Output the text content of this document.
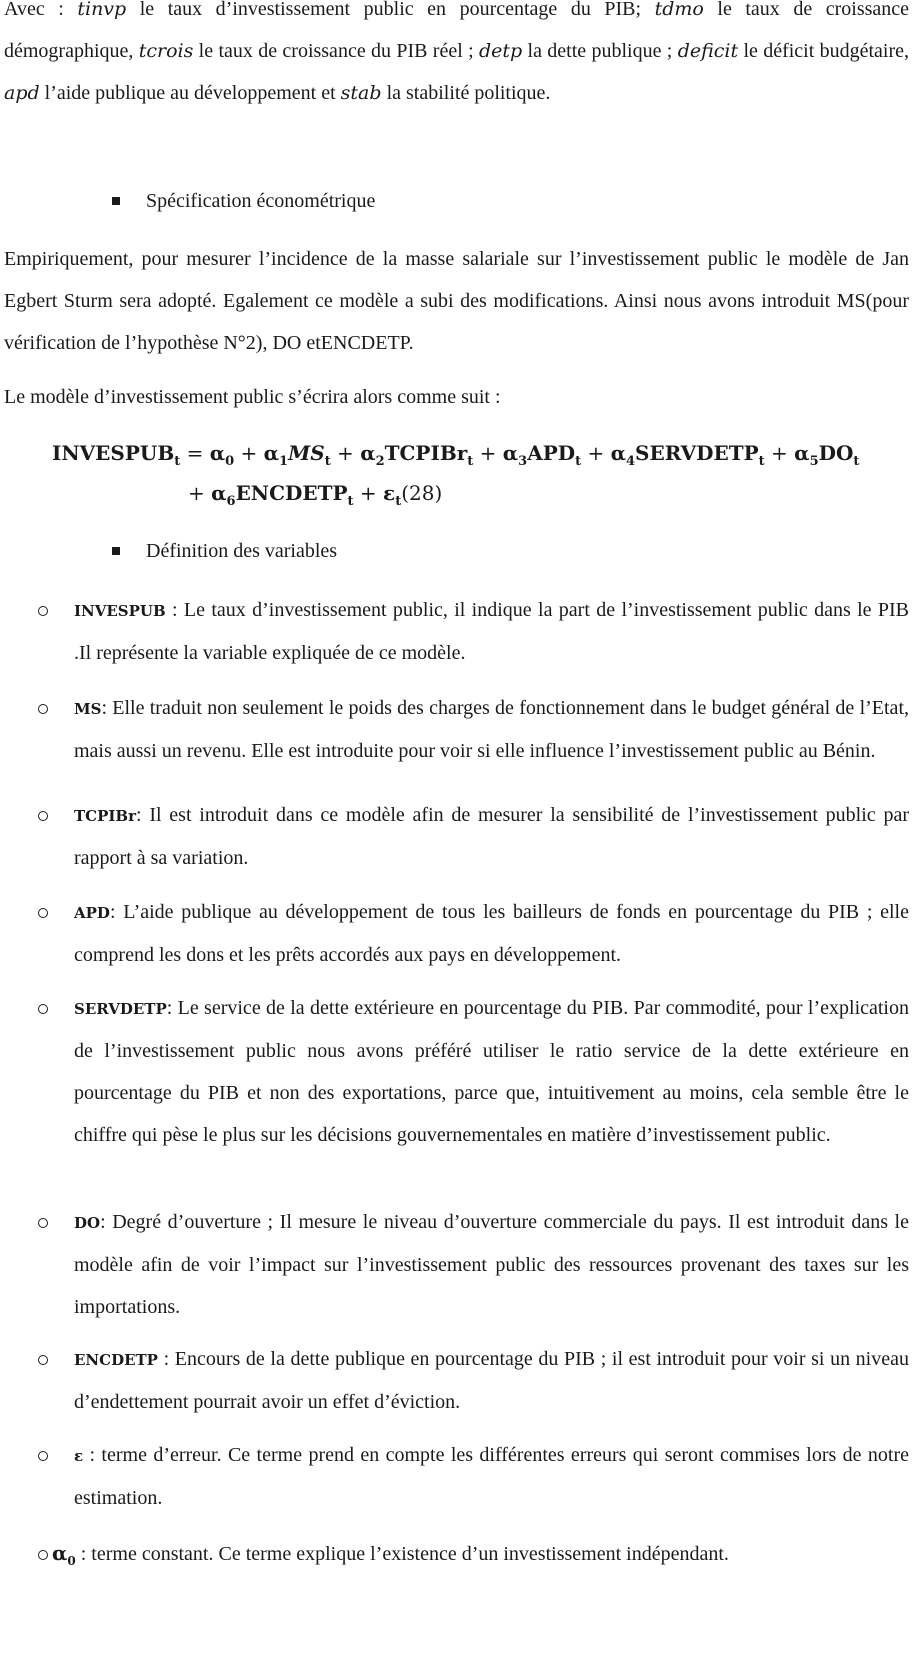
Avec : tinvp le taux d’investissement public en pourcentage du PIB; tdmo le taux de croissance démographique, tcrois le taux de croissance du PIB réel ; detp la dette publique ; deficit le déficit budgétaire, apd l’aide publique au développement et stab la stabilité politique.

Spécification économétrique

Empiriquement, pour mesurer l’incidence de la masse salariale sur l’investissement public le modèle de Jan Egbert Sturm sera adopté. Egalement ce modèle a subi des modifications. Ainsi nous avons introduit MS(pour vérification de l’hypothèse N°2), DO etENCDETP.

Le modèle d’investissement public s’écrira alors comme suit :

$INVESPUB_t = \alpha_0 + \alpha_1MS_t$ + $\alpha_2TCPIBr_t + \alpha_3APD_t$ + $\alpha_4SERVDETP_t + \alpha_5DO_t$
+ $\alpha_6ENCDETP_t + \varepsilon_t(28)$
Définition des variables

INVESPUB : Le taux d’investissement public, il indique la part de l’investissement public dans le PIB .Il représente la variable expliquée de ce modèle.

MS: Elle traduit non seulement le poids des charges de fonctionnement dans le budget général de l’Etat, mais aussi un revenu. Elle est introduite pour voir si elle influence l’investissement public au Bénin.

TCPIBr: Il est introduit dans ce modèle afin de mesurer la sensibilité de l’investissement public par rapport à sa variation.

APD: L’aide publique au développement de tous les bailleurs de fonds en pourcentage du PIB ; elle comprend les dons et les prêts accordés aux pays en développement.

SERVDETP: Le service de la dette extérieure en pourcentage du PIB. Par commodité, pour l’explication de l’investissement public nous avons préféré utiliser le ratio service de la dette extérieure en pourcentage du PIB et non des exportations, parce que, intuitivement au moins, cela semble être le chiffre qui pèse le plus sur les décisions gouvernementales en matière d’investissement public.

DO: Degré d’ouverture ; Il mesure le niveau d’ouverture commerciale du pays. Il est introduit dans le modèle afin de voir l’impact sur l’investissement public des ressources provenant des taxes sur les importations.

ENCDETP : Encours de la dette publique en pourcentage du PIB ; il est introduit pour voir si un niveau d’endettement pourrait avoir un effet d’éviction.

ε : terme d’erreur. Ce terme prend en compte les différentes erreurs qui seront commises lors de notre estimation.

$\alpha_0$ : terme constant. Ce terme explique l’existence d’un investissement indépendant.
